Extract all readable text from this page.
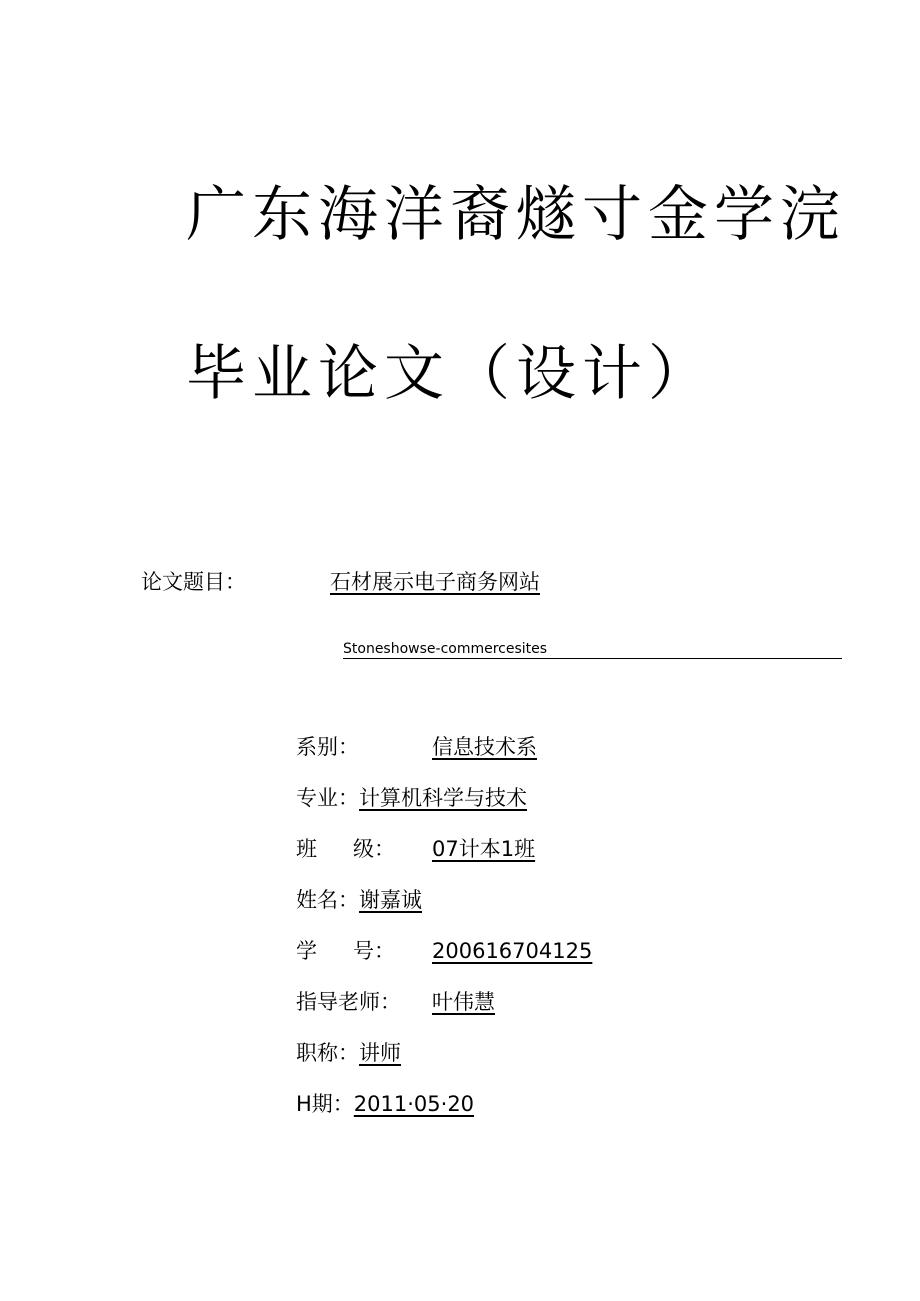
广东海洋裔燧寸金学浣
毕业论文（设计）
论文题目：	石材展示电子商务网站
Stoneshowse-commercesites
系别：	信息技术系
专业：计算机科学与技术
班 级： 07计本1班
姓名：谢嘉诚
学 号： 200616704125
指导老师： 叶伟慧
职称：讲师
H期：2011·05·20
